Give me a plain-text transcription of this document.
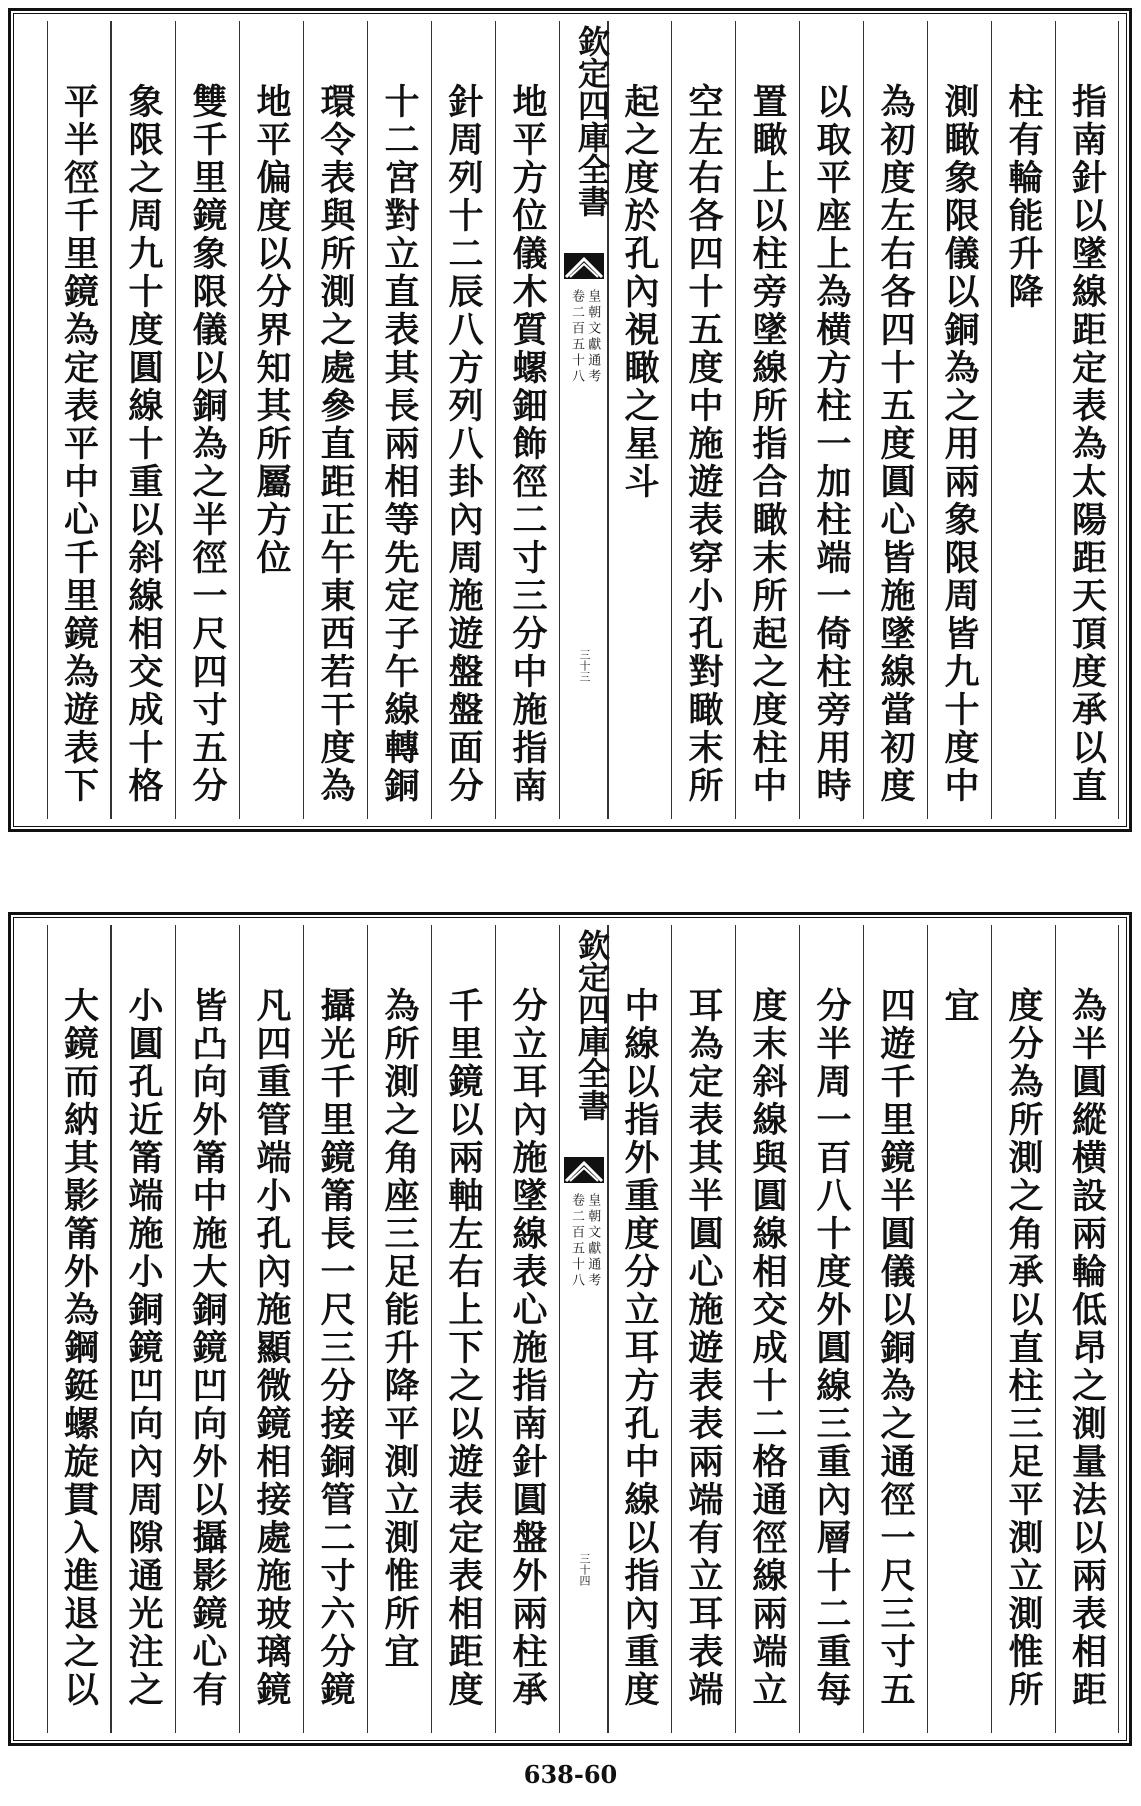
指南針以墜線距定表為太陽距天頂度承以直
柱有輪能升降
測瞰象限儀以銅為之用兩象限周皆九十度中
為初度左右各四十五度圓心皆施墜線當初度
以取平座上為横方柱一加柱端一倚柱旁用時
置瞰上以柱旁墜線所指合瞰末所起之度柱中
空左右各四十五度中施遊表穿小孔對瞰末所
起之度於孔內視瞰之星斗
欽定四庫全書
卷二百五十八 皇朝文獻通考
三十三
地平方位儀木質螺鈿飾徑二寸三分中施指南
針周列十二辰八方列八卦內周施遊盤盤面分
十二宮對立直表其長兩相等先定子午線轉銅
環令表與所測之處參直距正午東西若干度為
地平偏度以分界知其所屬方位
雙千里鏡象限儀以銅為之半徑一尺四寸五分
象限之周九十度圓線十重以斜線相交成十格
平半徑千里鏡為定表平中心千里鏡為遊表下
為半圓縱横設兩輪低昂之測量法以兩表相距
度分為所測之角承以直柱三足平測立測惟所
宜
四遊千里鏡半圓儀以銅為之通徑一尺三寸五
分半周一百八十度外圓線三重內層十二重每
度末斜線與圓線相交成十二格通徑線兩端立
耳為定表其半圓心施遊表表兩端有立耳表端
中線以指外重度分立耳方孔中線以指內重度
欽定四庫全書
卷二百五十八 皇朝文獻通考
三十四
分立耳內施墜線表心施指南針圓盤外兩柱承
千里鏡以兩軸左右上下之以遊表定表相距度
為所測之角座三足能升降平測立測惟所宜
攝光千里鏡筩長一尺三分接銅管二寸六分鏡
凡四重管端小孔內施顯微鏡相接處施玻璃鏡
皆凸向外筩中施大銅鏡凹向外以攝影鏡心有
小圓孔近筩端施小銅鏡凹向內周隙通光注之
大鏡而納其影筩外為鋼鋌螺旋貫入進退之以
638-60
